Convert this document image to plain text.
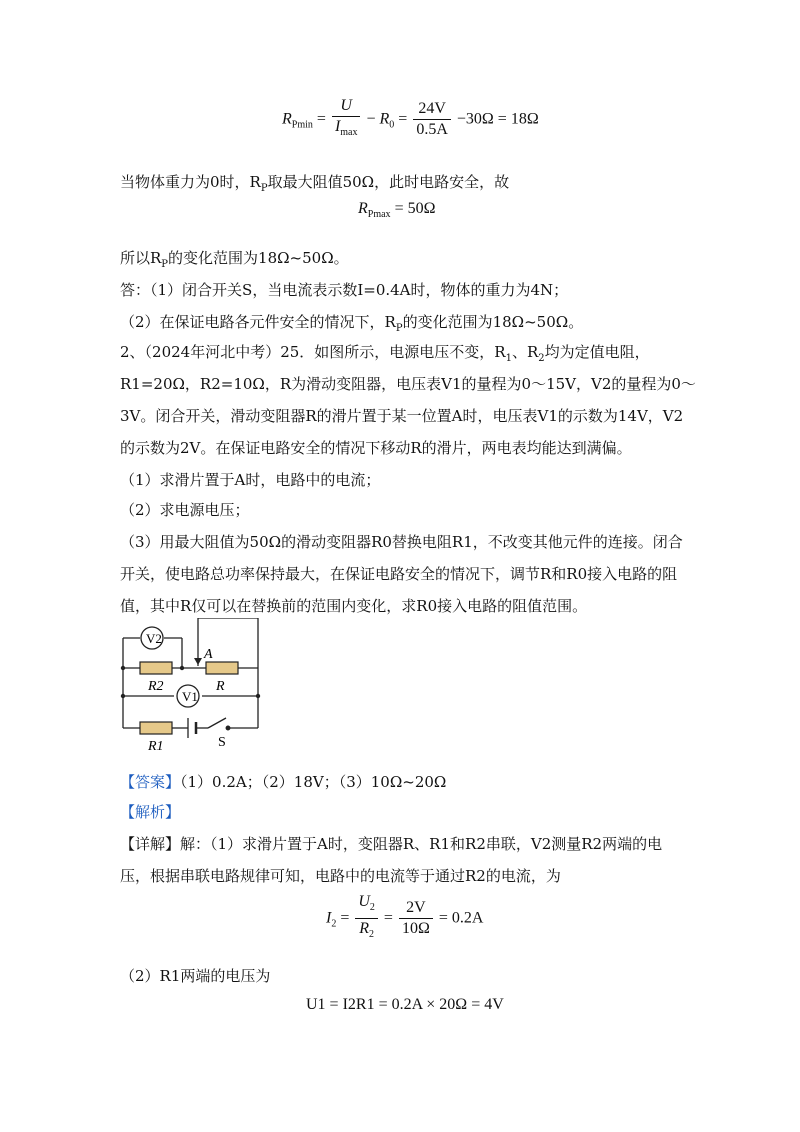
$R_{Pmin} = \frac{U}{I_{max}} - R_0 = \frac{24V}{0.5A} -30\Omega = 18\Omega$
当物体重力为0时，$R_P$取最大阻值50Ω，此时电路安全，故
$R_{Pmax} = 50\Omega$
所以$R_P$的变化范围为18Ω~50Ω。
答：（1）闭合开关S，当电流表示数I=0.4A时，物体的重力为4N；
（2）在保证电路各元件安全的情况下，$R_P$的变化范围为18Ω~50Ω。
2、（2024年河北中考）25．如图所示，电源电压不变，$R_1$、$R_2$均为定值电阻，
R1=20Ω，R2=10Ω，R为滑动变阻器，电压表V1的量程为0～15V，V2的量程为0～
3V。闭合开关，滑动变阻器R的滑片置于某一位置A时，电压表V1的示数为14V，V2
的示数为2V。在保证电路安全的情况下移动R的滑片，两电表均能达到满偏。
（1）求滑片置于A时，电路中的电流；
（2）求电源电压；
（3）用最大阻值为50Ω的滑动变阻器R0替换电阻R1，不改变其他元件的连接。闭合
开关，使电路总功率保持最大，在保证电路安全的情况下，调节R和R0接入电路的阻
值，其中R仅可以在替换前的范围内变化，求R0接入电路的阻值范围。
V2
V1
R2
A
R
R1	S
【答案】（1）0.2A；（2）18V；（3）10Ω~20Ω
【解析】
【详解】解：（1）求滑片置于A时，变阻器R、R1和R2串联，V2测量R2两端的电
压，根据串联电路规律可知，电路中的电流等于通过R2的电流，为
$I_2 = \frac{U_2}{R_2} = \frac{2V}{10\Omega} = 0.2A$
（2）R1两端的电压为
U1 = I2R1 = 0.2A × 20Ω = 4V
